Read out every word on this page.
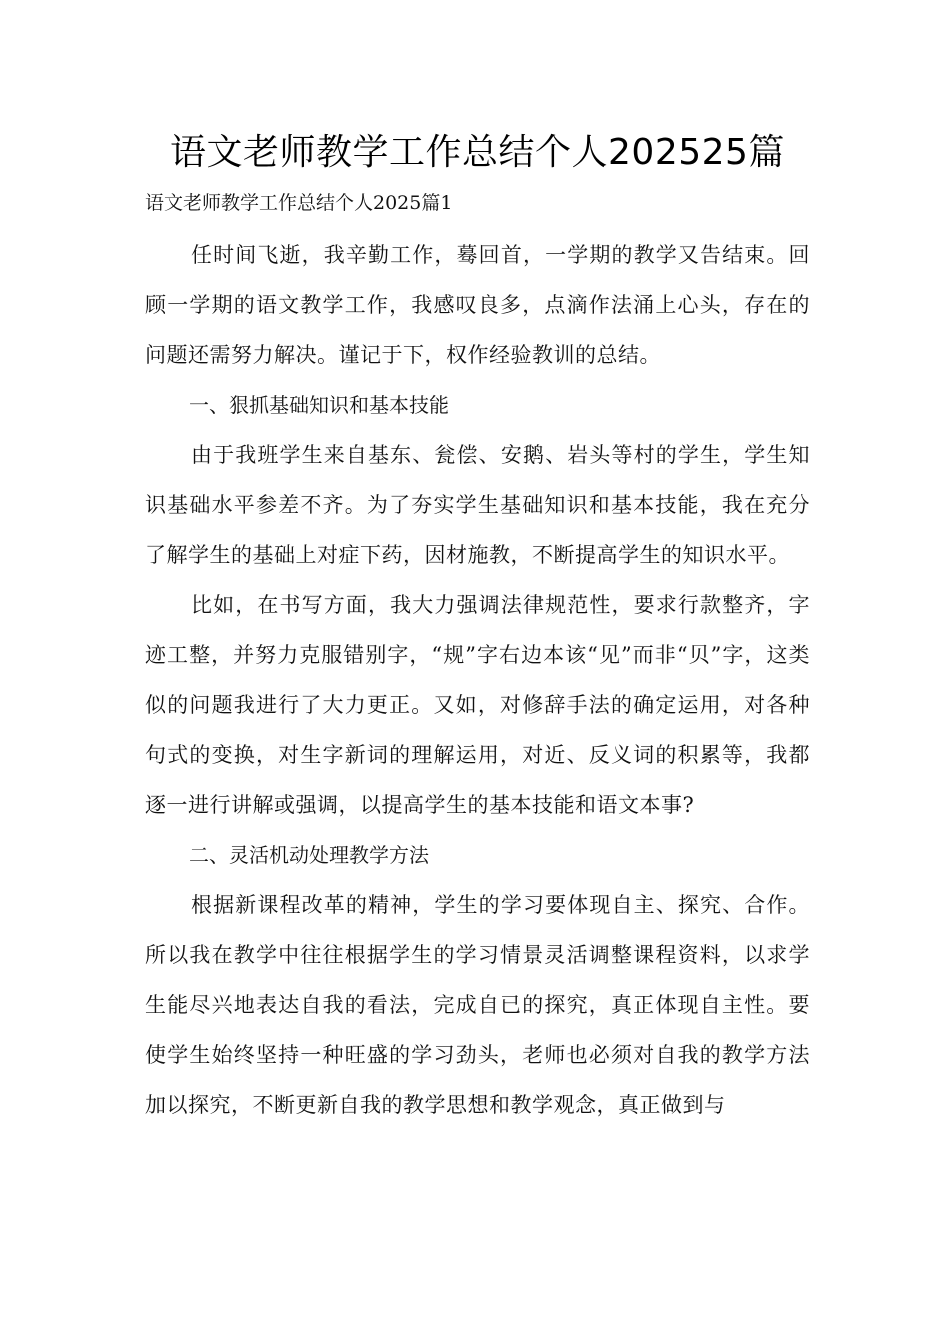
语文老师教学工作总结个人202525篇
语文老师教学工作总结个人2025篇1

任时间飞逝，我辛勤工作，蓦回首，一学期的教学又告结束。回顾一学期的语文教学工作，我感叹良多，点滴作法涌上心头，存在的问题还需努力解决。谨记于下，权作经验教训的总结。

一、狠抓基础知识和基本技能

由于我班学生来自基东、瓮偿、安鹅、岩头等村的学生，学生知识基础水平参差不齐。为了夯实学生基础知识和基本技能，我在充分了解学生的基础上对症下药，因材施教，不断提高学生的知识水平。

比如，在书写方面，我大力强调法律规范性，要求行款整齐，字迹工整，并努力克服错别字，“规”字右边本该“见”而非“贝”字，这类似的问题我进行了大力更正。又如，对修辞手法的确定运用，对各种句式的变换，对生字新词的理解运用，对近、反义词的积累等，我都逐一进行讲解或强调，以提高学生的基本技能和语文本事?

二、灵活机动处理教学方法

根据新课程改革的精神，学生的学习要体现自主、探究、合作。所以我在教学中往往根据学生的学习情景灵活调整课程资料，以求学生能尽兴地表达自我的看法，完成自已的探究，真正体现自主性。要使学生始终坚持一种旺盛的学习劲头，老师也必须对自我的教学方法加以探究，不断更新自我的教学思想和教学观念，真正做到与
